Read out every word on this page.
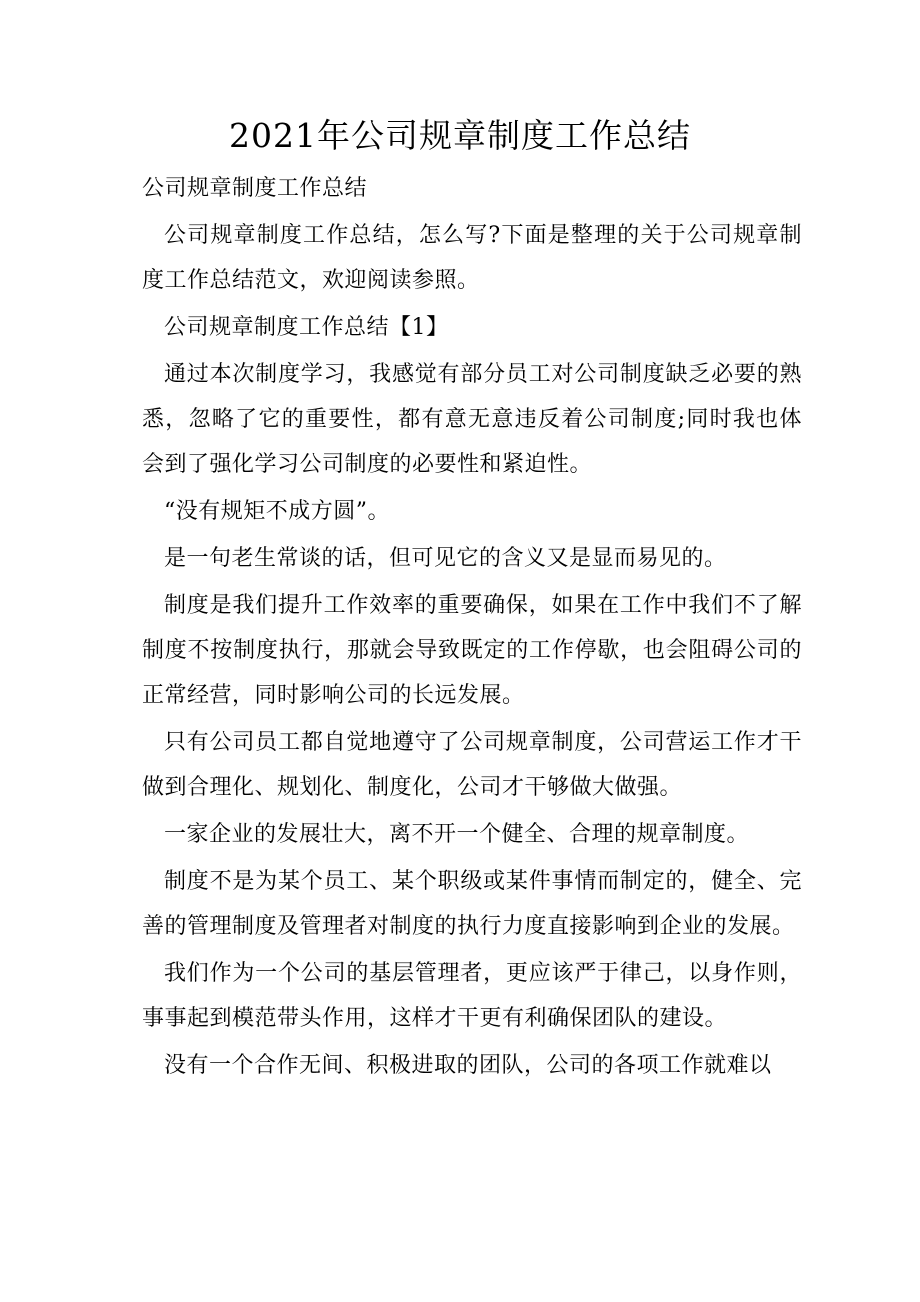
2021年公司规章制度工作总结

公司规章制度工作总结

公司规章制度工作总结，怎么写?下面是整理的关于公司规章制度工作总结范文，欢迎阅读参照。

公司规章制度工作总结【1】

通过本次制度学习，我感觉有部分员工对公司制度缺乏必要的熟悉，忽略了它的重要性，都有意无意违反着公司制度;同时我也体会到了强化学习公司制度的必要性和紧迫性。

“没有规矩不成方圆”。

是一句老生常谈的话，但可见它的含义又是显而易见的。

制度是我们提升工作效率的重要确保，如果在工作中我们不了解制度不按制度执行，那就会导致既定的工作停歇，也会阻碍公司的正常经营，同时影响公司的长远发展。

只有公司员工都自觉地遵守了公司规章制度，公司营运工作才干做到合理化、规划化、制度化，公司才干够做大做强。

一家企业的发展壮大，离不开一个健全、合理的规章制度。

制度不是为某个员工、某个职级或某件事情而制定的，健全、完善的管理制度及管理者对制度的执行力度直接影响到企业的发展。

我们作为一个公司的基层管理者，更应该严于律己，以身作则，事事起到模范带头作用，这样才干更有利确保团队的建设。

没有一个合作无间、积极进取的团队，公司的各项工作就难以
